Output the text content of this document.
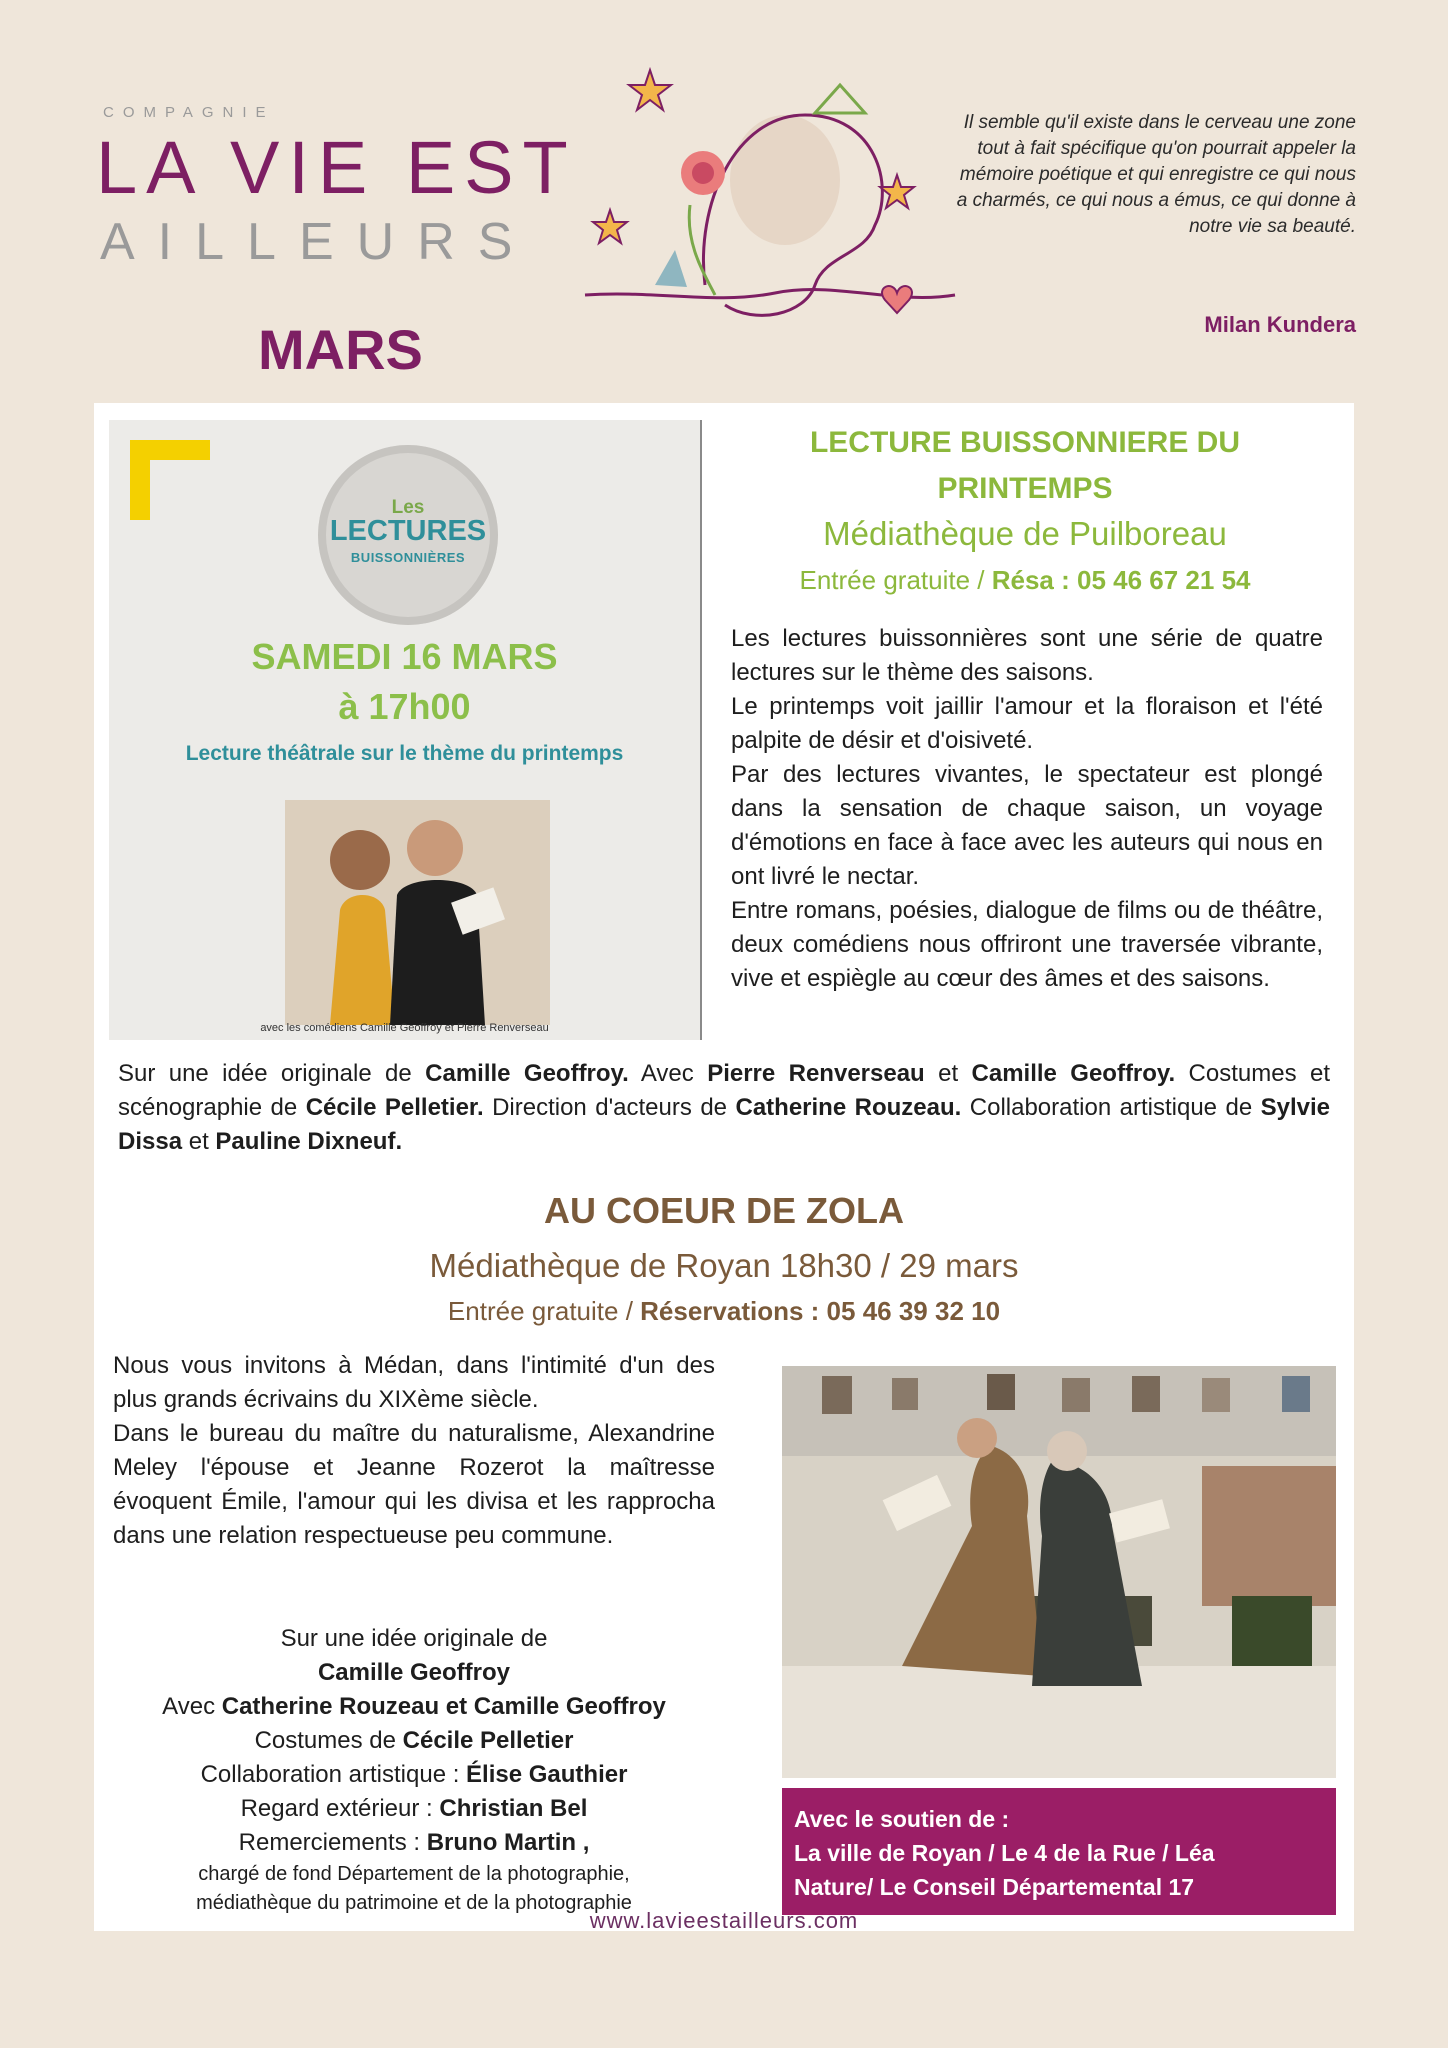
COMPAGNIE
LA VIE EST
AILLEURS
MARS
Il semble qu'il existe dans le cerveau une zone tout à fait spécifique qu'on pourrait appeler la mémoire poétique et qui enregistre ce qui nous a charmés, ce qui nous a émus, ce qui donne à notre vie sa beauté.
Milan Kundera
Les
LECTURES
BUISSONNIÈRES
SAMEDI 16 MARS
à 17h00
Lecture théâtrale sur le thème du printemps
avec les comédiens Camille Geoffroy et Pierre Renverseau
LECTURE BUISSONNIERE DU PRINTEMPS
Médiathèque de Puilboreau
Entrée gratuite / Résa : 05 46 67 21 54
Les lectures buissonnières sont une série de quatre lectures sur le thème des saisons.
Le printemps voit jaillir l'amour et la floraison et l'été palpite de désir et d'oisiveté.
Par des lectures vivantes, le spectateur est plongé dans la sensation de chaque saison, un voyage d'émotions en face à face avec les auteurs qui nous en ont livré le nectar.
Entre romans, poésies, dialogue de films ou de théâtre, deux comédiens nous offriront une traversée vibrante, vive et espiègle au cœur des âmes et des saisons.
Sur une idée originale de Camille Geoffroy. Avec Pierre Renverseau et Camille Geoffroy. Costumes et scénographie de Cécile Pelletier. Direction d'acteurs de Catherine Rouzeau. Collaboration artistique de Sylvie Dissa et Pauline Dixneuf.
AU COEUR DE ZOLA
Médiathèque de Royan 18h30 / 29 mars
Entrée gratuite / Réservations : 05 46 39 32 10
Nous vous invitons à Médan, dans l'intimité d'un des plus grands écrivains du XIXème siècle.
Dans le bureau du maître du naturalisme, Alexandrine Meley l'épouse et Jeanne Rozerot la maîtresse évoquent Émile, l'amour qui les divisa et les rapprocha dans une relation respectueuse peu commune.
Sur une idée originale de
Camille Geoffroy
Avec Catherine Rouzeau et Camille Geoffroy
Costumes de Cécile Pelletier
Collaboration artistique : Élise Gauthier
Regard extérieur : Christian Bel
Remerciements : Bruno Martin ,
chargé de fond Département de la photographie,
médiathèque du patrimoine et de la photographie
Avec le soutien de :
La ville de Royan / Le 4 de la Rue / Léa
Nature/ Le Conseil Départemental 17
www.lavieestailleurs.com
